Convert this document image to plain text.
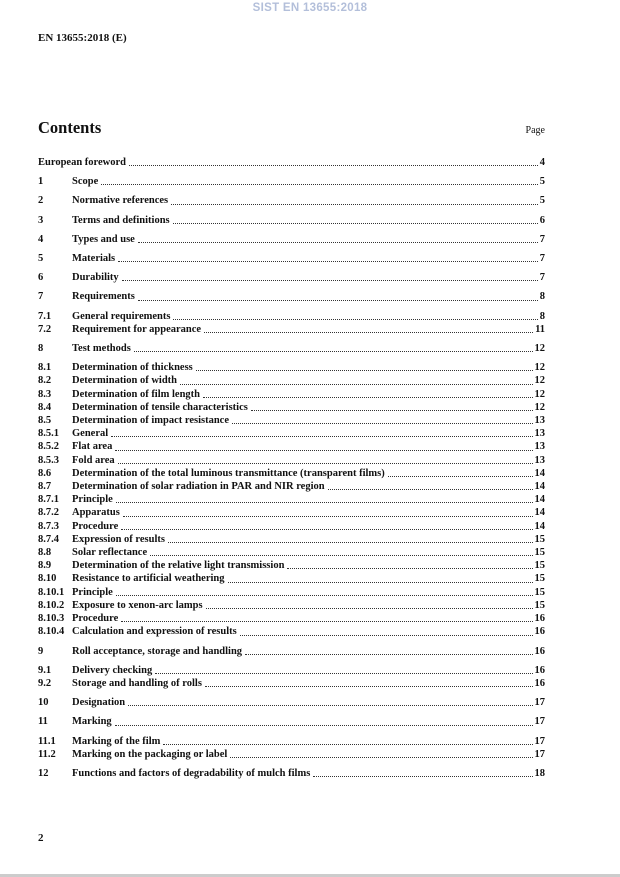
SIST EN 13655:2018
EN 13655:2018 (E)
Contents	Page
European foreword	4
1	Scope	5
2	Normative references	5
3	Terms and definitions	6
4	Types and use	7
5	Materials	7
6	Durability	7
7	Requirements	8
7.1	General requirements	8
7.2	Requirement for appearance	11
8	Test methods	12
8.1	Determination of thickness	12
8.2	Determination of width	12
8.3	Determination of film length	12
8.4	Determination of tensile characteristics	12
8.5	Determination of impact resistance	13
8.5.1	General	13
8.5.2	Flat area	13
8.5.3	Fold area	13
8.6	Determination of the total luminous transmittance (transparent films)	14
8.7	Determination of solar radiation in PAR and NIR region	14
8.7.1	Principle	14
8.7.2	Apparatus	14
8.7.3	Procedure	14
8.7.4	Expression of results	15
8.8	Solar reflectance	15
8.9	Determination of the relative light transmission	15
8.10	Resistance to artificial weathering	15
8.10.1 Principle	15
8.10.2 Exposure to xenon-arc lamps	15
8.10.3 Procedure	16
8.10.4 Calculation and expression of results	16
9	Roll acceptance, storage and handling	16
9.1	Delivery checking	16
9.2	Storage and handling of rolls	16
10	Designation	17
11	Marking	17
11.1	Marking of the film	17
11.2	Marking on the packaging or label	17
12	Functions and factors of degradability of mulch films	18
2
